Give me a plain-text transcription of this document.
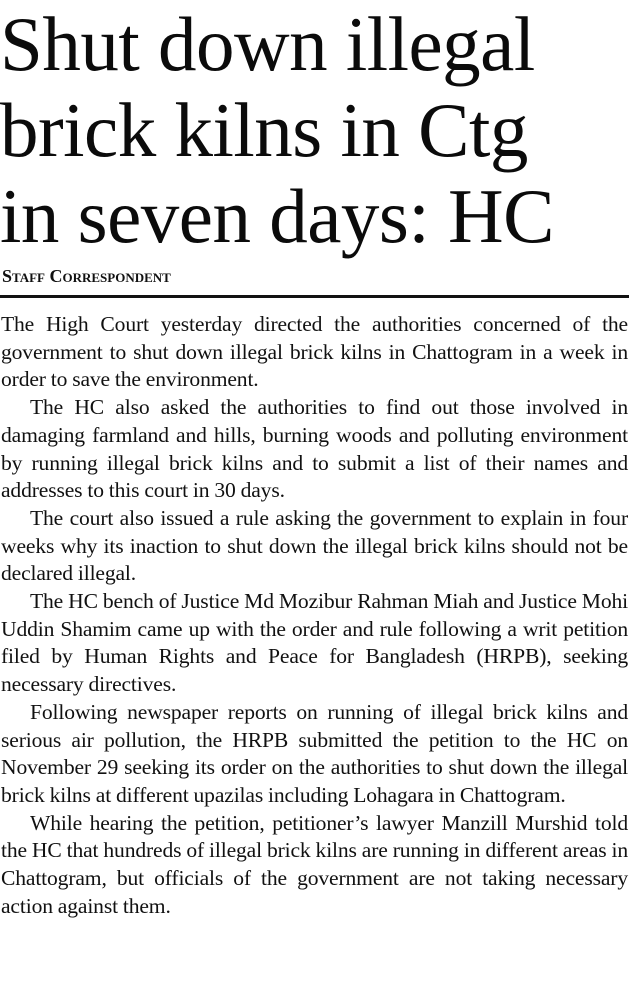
Shut down illegal
brick kilns in Ctg
in seven days: HC
Staff Correspondent

The High Court yesterday directed the authorities concerned of the government to shut down illegal brick kilns in Chattogram in a week in order to save the environment.

The HC also asked the authorities to find out those involved in damaging farmland and hills, burning woods and polluting environment by running illegal brick kilns and to submit a list of their names and addresses to this court in 30 days.

The court also issued a rule asking the government to explain in four weeks why its inaction to shut down the illegal brick kilns should not be declared illegal.

The HC bench of Justice Md Mozibur Rahman Miah and Justice Mohi Uddin Shamim came up with the order and rule following a writ petition filed by Human Rights and Peace for Bangladesh (HRPB), seeking necessary directives.

Following newspaper reports on running of illegal brick kilns and serious air pollution, the HRPB submitted the petition to the HC on November 29 seeking its order on the authorities to shut down the illegal brick kilns at different upazilas including Lohagara in Chattogram.

While hearing the petition, petitioner’s lawyer Manzill Murshid told the HC that hundreds of illegal brick kilns are running in different areas in Chattogram, but officials of the government are not taking necessary action against them.
